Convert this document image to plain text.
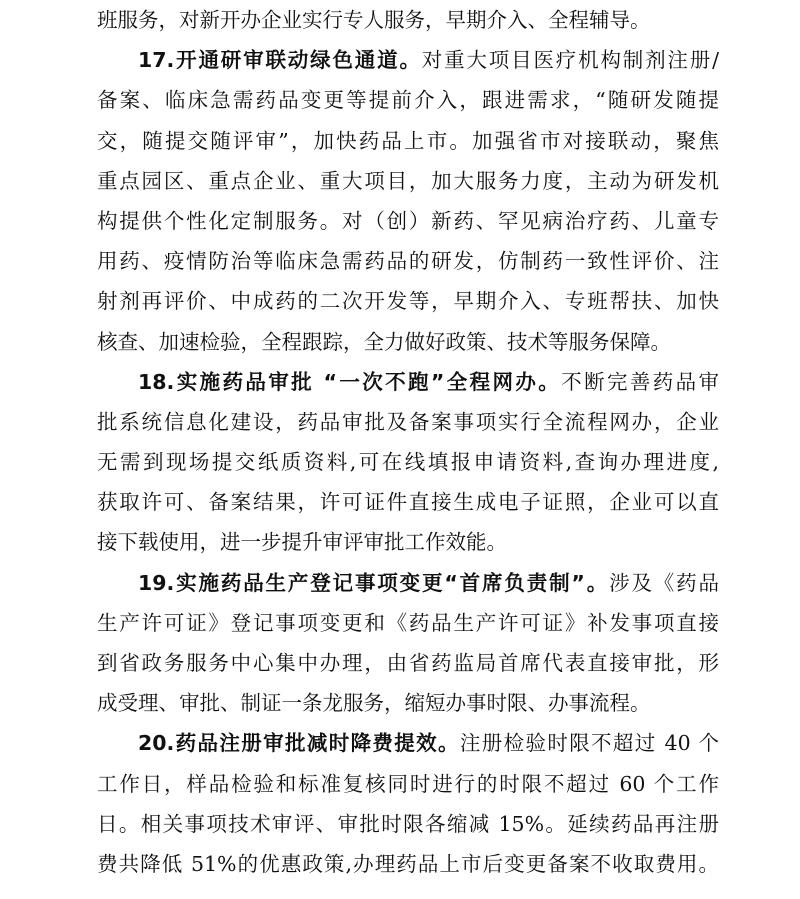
班服务，对新开办企业实行专人服务，早期介入、全程辅导。
17.开通研审联动绿色通道。对重大项目医疗机构制剂注册/
备案、临床急需药品变更等提前介入，跟进需求，“随研发随提
交，随提交随评审”，加快药品上市。加强省市对接联动，聚焦
重点园区、重点企业、重大项目，加大服务力度，主动为研发机
构提供个性化定制服务。对（创）新药、罕见病治疗药、儿童专
用药、疫情防治等临床急需药品的研发，仿制药一致性评价、注
射剂再评价、中成药的二次开发等，早期介入、专班帮扶、加快
核查、加速检验，全程跟踪，全力做好政策、技术等服务保障。
18.实施药品审批 “一次不跑”全程网办。不断完善药品审
批系统信息化建设，药品审批及备案事项实行全流程网办，企业
无需到现场提交纸质资料,可在线填报申请资料,查询办理进度,
获取许可、备案结果，许可证件直接生成电子证照，企业可以直
接下载使用，进一步提升审评审批工作效能。
19.实施药品生产登记事项变更“首席负责制”。涉及《药品
生产许可证》登记事项变更和《药品生产许可证》补发事项直接
到省政务服务中心集中办理，由省药监局首席代表直接审批，形
成受理、审批、制证一条龙服务，缩短办事时限、办事流程。
20.药品注册审批减时降费提效。注册检验时限不超过 40 个
工作日，样品检验和标准复核同时进行的时限不超过 60 个工作
日。相关事项技术审评、审批时限各缩减 15%。延续药品再注册
费共降低 51%的优惠政策,办理药品上市后变更备案不收取费用。
